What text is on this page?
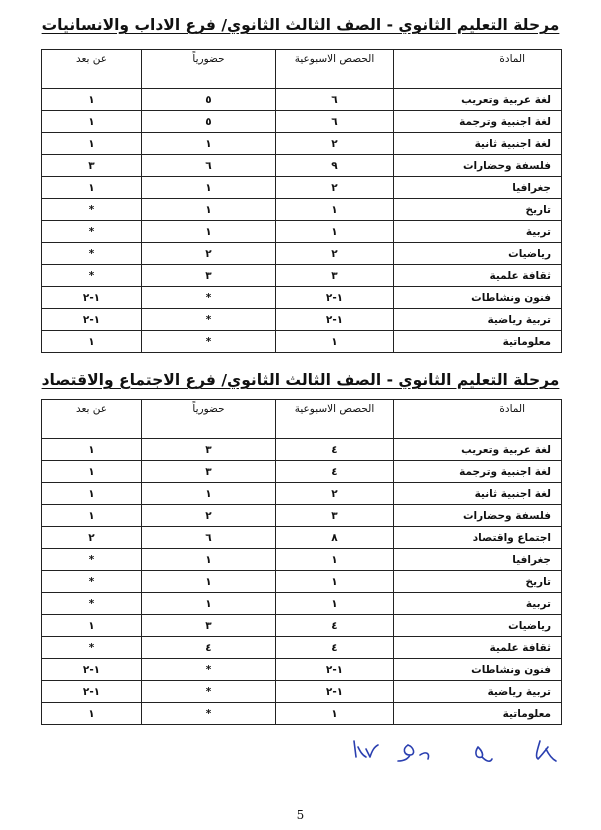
مرحلة التعليم الثانوي - الصف الثالث الثانوي/ فرع الاداب والانسانيات
المادة	الحصص الاسبوعية	حضورياً	عن بعد
لغة عربية وتعريب	٦	٥	١
لغة اجنبية وترجمة	٦	٥	١
لغة اجنبية ثانية	٢	١	١
فلسفة وحضارات	٩	٦	٣
جغرافيا	٢	١	١
تاريخ	١	١	*
تربية	١	١	*
رياضيات	٢	٢	*
ثقافة علمية	٣	٣	*
فنون ونشاطات	١-٢	*	١-٢
تربية رياضية	١-٢	*	١-٢
معلوماتية	١	*	١
مرحلة التعليم الثانوي - الصف الثالث الثانوي/ فرع الاجتماع والاقتصاد
المادة	الحصص الاسبوعية	حضورياً	عن بعد
لغة عربية وتعريب	٤	٣	١
لغة اجنبية وترجمة	٤	٣	١
لغة اجنبية ثانية	٢	١	١
فلسفة وحضارات	٣	٢	١
اجتماع واقتصاد	٨	٦	٢
جغرافيا	١	١	*
تاريخ	١	١	*
تربية	١	١	*
رياضيات	٤	٣	١
ثقافة علمية	٤	٤	*
فنون ونشاطات	١-٢	*	١-٢
تربية رياضية	١-٢	*	١-٢
معلوماتية	١	*	١
5
